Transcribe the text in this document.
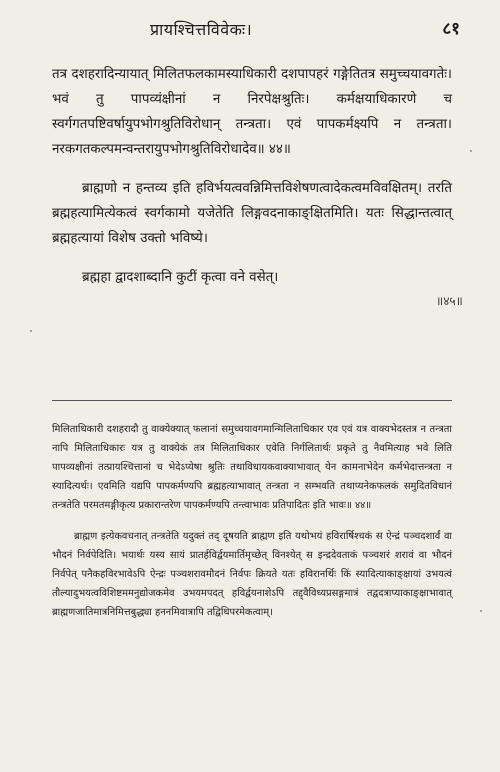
प्रायश्चित्तविवेकः।	८१

तत्र दशहरादिन्यायात् मिलितफलकामस्याधिकारी दशपापहरं गङ्गेतितत्र समुच्चयावगतेः। भवं तु पापव्यंक्षीनां न निरपेक्षश्रुतिः। कर्मक्षयाधिकारणे च स्वर्गगतपष्टिवर्षायुपभोगश्रुतिविरोधान् तन्त्रता। एवं पापकर्मक्ष्यपि न तन्त्रता। नरकगतकल्पमन्वन्तरायुपभोगश्रुतिविरोधादेव॥ ४४॥

ब्राह्मणो न हन्तव्य इति हविर्भयत्ववन्निमित्तविशेषणत्वादेकत्वमविवक्षितम्। तरति ब्रह्महत्यामित्येकत्वं स्वर्गकामो यजेतेति लिङ्गवदनाकाङ्क्षितमिति। यतः सिद्धान्तत्वात् ब्रह्महत्यायां विशेष उक्तो भविष्ये।

ब्रह्महा द्वादशाब्दानि कुटीं कृत्वा वने वसेत्।

॥४५॥

मिलिताधिकारी दशहरादौ तु वाक्येक्यात् फलानां समुच्चयावगमान्मिलिताधिकार एव एवं यत्र वाक्यभेदस्तत्र न तन्त्रता नापि मिलिताधिकारः यत्र तु वाक्येकं तत्र मिलिताधिकार एवेति निर्गलितार्थः प्रकृते तु नैवमित्याह भवे लिति पापव्यक्षीनां तत्प्रायश्चित्तानां च भेदेऽप्येषा श्रुतिः तथाविधायकवाक्याभावात् येन कामनाभेदेन कर्मभेदात्तन्त्रता न स्यादित्यर्थः। एवमिति यद्यपि पापकर्मण्यपि ब्रह्महत्याभावात् तन्त्रता न सम्भवति तथाप्यनेकफलकं समुदितविधानं तन्त्रतेति परमतमङ्गीकृत्य प्रकारान्तरेण पापकर्मण्यपि तन्त्वाभावः प्रतिपादितः इति भावः॥ ४४॥

ब्राह्मण इत्येकवचनात् तन्त्रतेति यदुक्तं तद् दूषयति ब्राह्मण इति यथोभयं हविरार्षिश्चकं स ऐन्द्रं पञ्चदशार्वं वा भौदनं निर्वपेदिति। भयार्थः यस्य सायं प्रातर्हविर्द्वयमार्तिमृच्छेत् विनश्येत् स इन्द्रदेवताकं पञ्चशरं शरावं वा भौदनं निर्वपेत् पनैकहविरभावेऽपि ऐन्द्रः पञ्चशरावमौदनं निर्वपः क्रियते यतः हविरानर्थिः किं स्यादित्याकाङ्क्षायां उभयत्वं तौल्यादुभयत्वविशिष्टममनुद्योजकमेव उभयमपदत् हविर्द्वयनाशेऽपि तद्द्वैविध्यप्रसङ्गमात्रं तद्वदत्राप्याकाङ्क्षाभावात् ब्राह्मणजातिमात्रनिमित्तबुद्ध्या हननमिवात्रापि तद्विधिपरमेकत्वाम्।
